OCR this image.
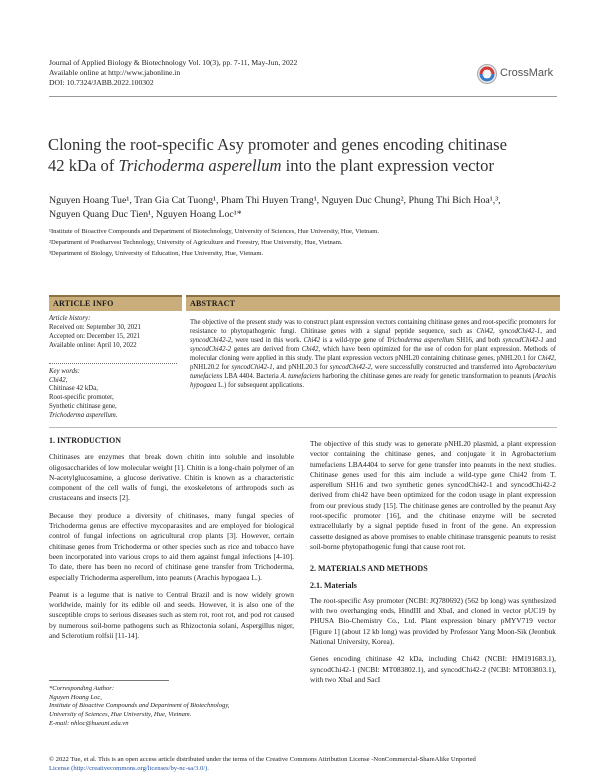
Journal of Applied Biology & Biotechnology Vol. 10(3), pp. 7-11, May-Jun, 2022
Available online at http://www.jabonline.in
DOI: 10.7324/JABB.2022.100302
CrossMark
Cloning the root-specific Asy promoter and genes encoding chitinase
42 kDa of Trichoderma asperellum into the plant expression vector
Nguyen Hoang Tue¹, Tran Gia Cat Tuong¹, Pham Thi Huyen Trang¹, Nguyen Duc Chung², Phung Thi Bich Hoa¹,³,
Nguyen Quang Duc Tien¹, Nguyen Hoang Loc¹*
¹Institute of Bioactive Compounds and Department of Biotechnology, University of Sciences, Hue University, Hue, Vietnam.
²Department of Postharvest Technology, University of Agriculture and Forestry, Hue University, Hue, Vietnam.
³Department of Biology, University of Education, Hue University, Hue, Vietnam.
ARTICLE INFO	ABSTRACT
Article history:
Received on: September 30, 2021
Accepted on: December 15, 2021
Available online: April 10, 2022
Key words:
Chi42,
Chitinase 42 kDa,
Root-specific promoter,
Synthetic chitinase gene,
Trichoderma asperellum.
The objective of the present study was to construct plant expression vectors containing chitinase genes and root-specific promoters for resistance to phytopathogenic fungi. Chitinase genes with a signal peptide sequence, such as Chi42, syncodChi42-1, and syncodChi42-2, were used in this work. Chi42 is a wild-type gene of Trichoderma asperellum SH16, and both syncodChi42-1 and syncodChi42-2 genes are derived from Chi42, which have been optimized for the use of codon for plant expression. Methods of molecular cloning were applied in this study. The plant expression vectors pNHL20 containing chitinase genes, pNHL20.1 for Chi42, pNHL20.2 for syncodChi42-1, and pNHL20.3 for syncodChi42-2, were successfully constructed and transferred into Agrobacterium tumefaciens LBA 4404. Bacteria A. tumefaciens harboring the chitinase genes are ready for genetic transformation to peanuts (Arachis hypogaea L.) for subsequent applications.
1. INTRODUCTION

Chitinases are enzymes that break down chitin into soluble and insoluble oligosaccharides of low molecular weight [1]. Chitin is a long-chain polymer of an N-acetylglucosamine, a glucose derivative. Chitin is known as a characteristic component of the cell walls of fungi, the exoskeletons of arthropods such as crustaceans and insects [2].

Because they produce a diversity of chitinases, many fungal species of Trichoderma genus are effective mycoparasites and are employed for biological control of fungal infections on agricultural crop plants [3]. However, certain chitinase genes from Trichoderma or other species such as rice and tobacco have been incorporated into various crops to aid them against fungal infections [4-10]. To date, there has been no record of chitinase gene transfer from Trichoderma, especially Trichoderma asperellum, into peanuts (Arachis hypogaea L.).

Peanut is a legume that is native to Central Brazil and is now widely grown worldwide, mainly for its edible oil and seeds. However, it is also one of the susceptible crops to serious diseases such as stem rot, root rot, and pod rot caused by numerous soil-borne pathogens such as Rhizoctonia solani, Aspergillus niger, and Sclerotium rolfsii [11-14].

*Corresponding Author:
Nguyen Hoang Loc,
Institute of Bioactive Compounds and Department of Biotechnology,
University of Sciences, Hue University, Hue, Vietnam.
E-mail: nhloc@hueuni.edu.vn

The objective of this study was to generate pNHL20 plasmid, a plant expression vector containing the chitinase genes, and conjugate it in Agrobacterium tumefaciens LBA4404 to serve for gene transfer into peanuts in the next studies. Chitinase genes used for this aim include a wild-type gene Chi42 from T. asperellum SH16 and two synthetic genes syncodChi42-1 and syncodChi42-2 derived from chi42 have been optimized for the codon usage in plant expression from our previous study [15]. The chitinase genes are controlled by the peanut Asy root-specific promoter [16], and the chitinase enzyme will be secreted extracellularly by a signal peptide fused in front of the gene. An expression cassette designed as above promises to enable chitinase transgenic peanuts to resist soil-borne phytopathogenic fungi that cause root rot.

2. MATERIALS AND METHODS
2.1. Materials

The root-specific Asy promoter (NCBI: JQ780692) (562 bp long) was synthesized with two overhanging ends, HindIII and XbaI, and cloned in vector pUC19 by PHUSA Bio-Chemistry Co., Ltd. Plant expression binary pMYV719 vector [Figure 1] (about 12 kb long) was provided by Professor Yang Moon-Sik (Jeonbuk National University, Korea).

Genes encoding chitinase 42 kDa, including Chi42 (NCBI: HM191683.1), syncodChi42-1 (NCBI: MT083802.1), and syncodChi42-2 (NCBI: MT083803.1), with two XbaI and SacI

© 2022 Tue, et al. This is an open access article distributed under the terms of the Creative Commons Attribution License -NonCommercial-ShareAlike Unported
License (http://creativecommons.org/licenses/by-nc-sa/3.0/).
